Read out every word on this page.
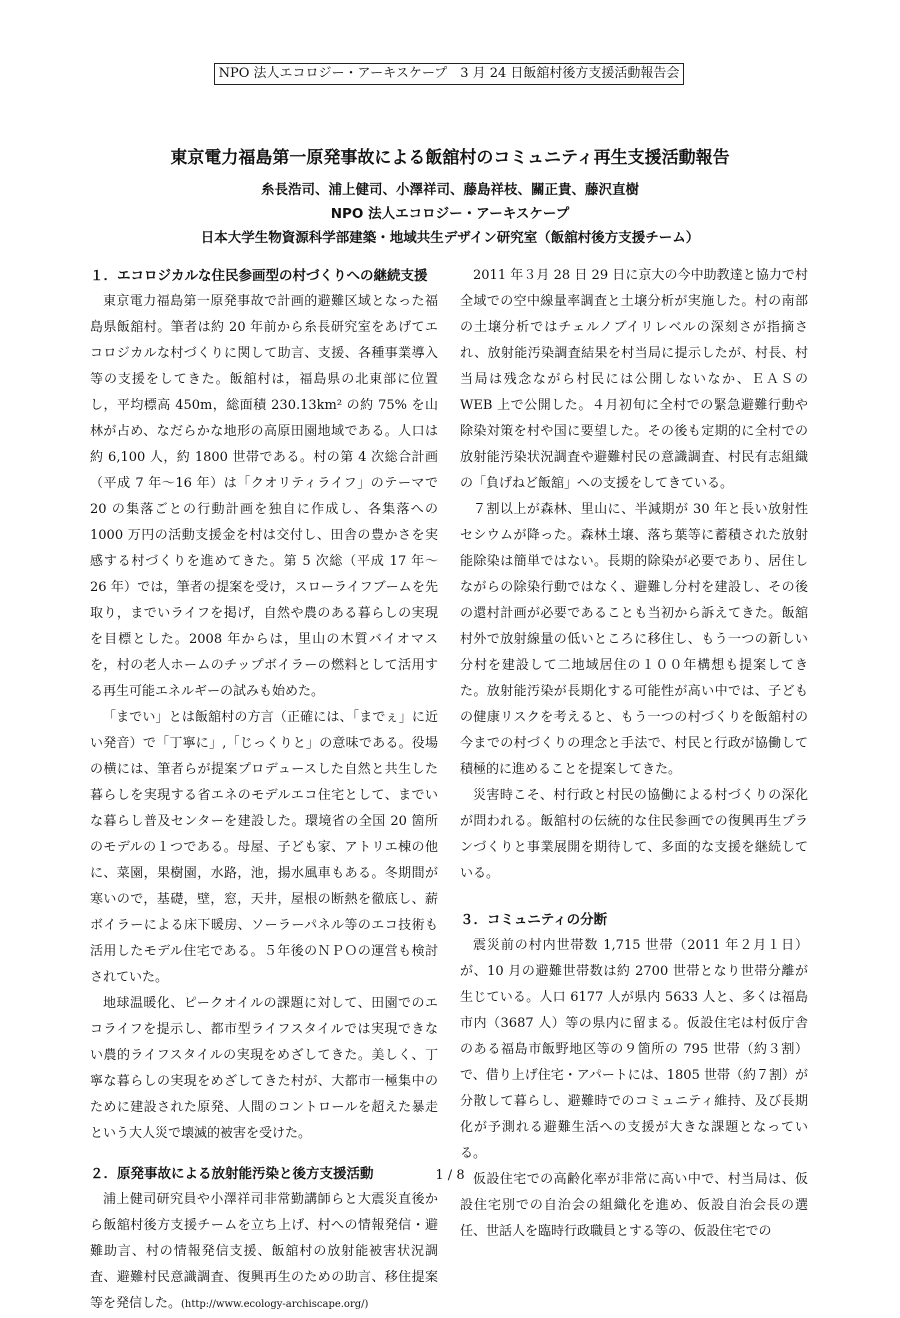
NPO 法人エコロジー・アーキスケープ　3 月 24 日飯舘村後方支援活動報告会
東京電力福島第一原発事故による飯舘村のコミュニティ再生支援活動報告
糸長浩司、浦上健司、小澤祥司、藤島祥枝、關正貴、藤沢直樹
NPO 法人エコロジー・アーキスケープ
日本大学生物資源科学部建築・地域共生デザイン研究室（飯舘村後方支援チーム）
１．エコロジカルな住民参画型の村づくりへの継続支援

東京電力福島第一原発事故で計画的避難区域となった福島県飯舘村。筆者は約 20 年前から糸長研究室をあげてエコロジカルな村づくりに関して助言、支援、各種事業導入等の支援をしてきた。飯舘村は，福島県の北東部に位置し，平均標高 450m，総面積 230.13km² の約 75% を山林が占め、なだらかな地形の高原田園地域である。人口は約 6,100 人，約 1800 世帯である。村の第 4 次総合計画（平成 7 年〜16 年）は「クオリティライフ」のテーマで 20 の集落ごとの行動計画を独自に作成し、各集落への 1000 万円の活動支援金を村は交付し、田舎の豊かさを実感する村づくりを進めてきた。第 5 次総（平成 17 年〜 26 年）では，筆者の提案を受け，スローライフブームを先取り，までいライフを掲げ，自然や農のある暮らしの実現を目標とした。2008 年からは，里山の木質バイオマスを，村の老人ホームのチップボイラーの燃料として活用する再生可能エネルギーの試みも始めた。

「までい」とは飯舘村の方言（正確には、「までぇ」に近い発音）で「丁寧に」,「じっくりと」の意味である。役場の横には、筆者らが提案プロデュースした自然と共生した暮らしを実現する省エネのモデルエコ住宅として、までいな暮らし普及センターを建設した。環境省の全国 20 箇所のモデルの１つである。母屋、子ども家、アトリエ棟の他に、菜園，果樹園，水路，池，揚水風車もある。冬期間が寒いので，基礎，壁，窓，天井，屋根の断熱を徹底し、薪ボイラーによる床下暖房、ソーラーパネル等のエコ技術も活用したモデル住宅である。５年後のＮＰＯの運営も検討されていた。

地球温暖化、ピークオイルの課題に対して、田園でのエコライフを提示し、都市型ライフスタイルでは実現できない農的ライフスタイルの実現をめざしてきた。美しく、丁寧な暮らしの実現をめざしてきた村が、大都市一極集中のために建設された原発、人間のコントロールを超えた暴走という大人災で壊滅的被害を受けた。

２．原発事故による放射能汚染と後方支援活動

浦上健司研究員や小澤祥司非常勤講師らと大震災直後から飯舘村後方支援チームを立ち上げ、村への情報発信・避難助言、村の情報発信支援、飯舘村の放射能被害状況調査、避難村民意識調査、復興再生のための助言、移住提案等を発信した。(http://www.ecology-archiscape.org/)

2011 年３月 28 日 29 日に京大の今中助教達と協力で村全域での空中線量率調査と土壌分析が実施した。村の南部の土壌分析ではチェルノブイリレベルの深刻さが指摘され、放射能汚染調査結果を村当局に提示したが、村長、村当局は残念ながら村民には公開しないなか、ＥＡＳの WEB 上で公開した。４月初旬に全村での緊急避難行動や除染対策を村や国に要望した。その後も定期的に全村での放射能汚染状況調査や避難村民の意識調査、村民有志組織の「負げねど飯舘」への支援をしてきている。

７割以上が森林、里山に、半減期が 30 年と長い放射性セシウムが降った。森林土壌、落ち葉等に蓄積された放射能除染は簡単ではない。長期的除染が必要であり、居住しながらの除染行動ではなく、避難し分村を建設し、その後の還村計画が必要であることも当初から訴えてきた。飯舘村外で放射線量の低いところに移住し、もう一つの新しい分村を建設して二地域居住の１００年構想も提案してきた。放射能汚染が長期化する可能性が高い中では、子どもの健康リスクを考えると、もう一つの村づくりを飯舘村の今までの村づくりの理念と手法で、村民と行政が協働して積極的に進めることを提案してきた。

災害時こそ、村行政と村民の協働による村づくりの深化が問われる。飯舘村の伝統的な住民参画での復興再生プランづくりと事業展開を期待して、多面的な支援を継続している。

３．コミュニティの分断

震災前の村内世帯数 1,715 世帯（2011 年２月１日）が、10 月の避難世帯数は約 2700 世帯となり世帯分離が生じている。人口 6177 人が県内 5633 人と、多くは福島市内（3687 人）等の県内に留まる。仮設住宅は村仮庁舎のある福島市飯野地区等の９箇所の 795 世帯（約３割）で、借り上げ住宅・アパートには、1805 世帯（約７割）が分散して暮らし、避難時でのコミュニティ維持、及び長期化が予測れる避難生活への支援が大きな課題となっている。

仮設住宅での高齢化率が非常に高い中で、村当局は、仮設住宅別での自治会の組織化を進め、仮設自治会長の選任、世話人を臨時行政職員とする等の、仮設住宅での

1 / 8
